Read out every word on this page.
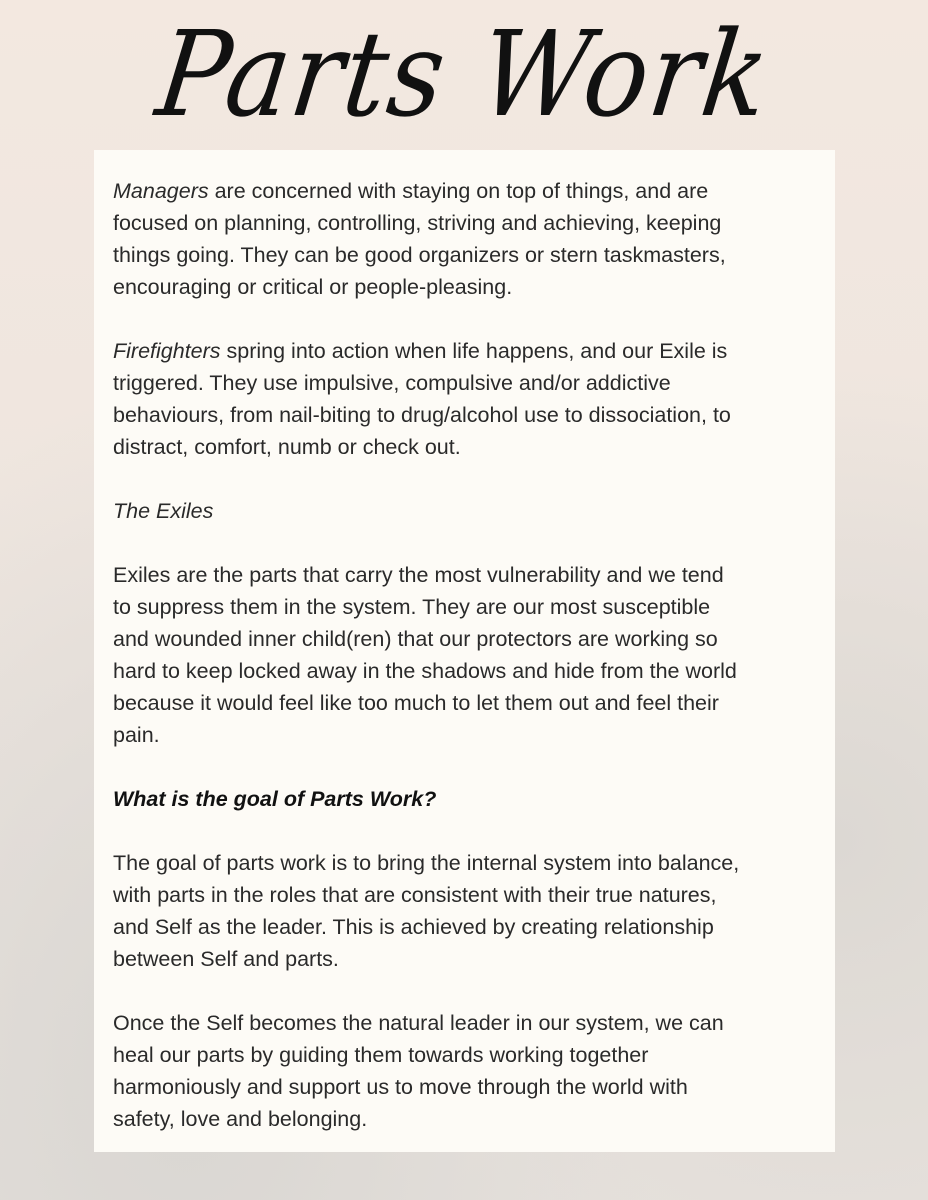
Parts Work

Managers are concerned with staying on top of things, and are
focused on planning, controlling, striving and achieving, keeping
things going. They can be good organizers or stern taskmasters,
encouraging or critical or people-pleasing.

Firefighters spring into action when life happens, and our Exile is
triggered. They use impulsive, compulsive and/or addictive
behaviours, from nail-biting to drug/alcohol use to dissociation, to
distract, comfort, numb or check out.

The Exiles

Exiles are the parts that carry the most vulnerability and we tend
to suppress them in the system. They are our most susceptible
and wounded inner child(ren) that our protectors are working so
hard to keep locked away in the shadows and hide from the world
because it would feel like too much to let them out and feel their
pain.

What is the goal of Parts Work?

The goal of parts work is to bring the internal system into balance,
with parts in the roles that are consistent with their true natures,
and Self as the leader. This is achieved by creating relationship
between Self and parts.

Once the Self becomes the natural leader in our system, we can
heal our parts by guiding them towards working together
harmoniously and support us to move through the world with
safety, love and belonging.
